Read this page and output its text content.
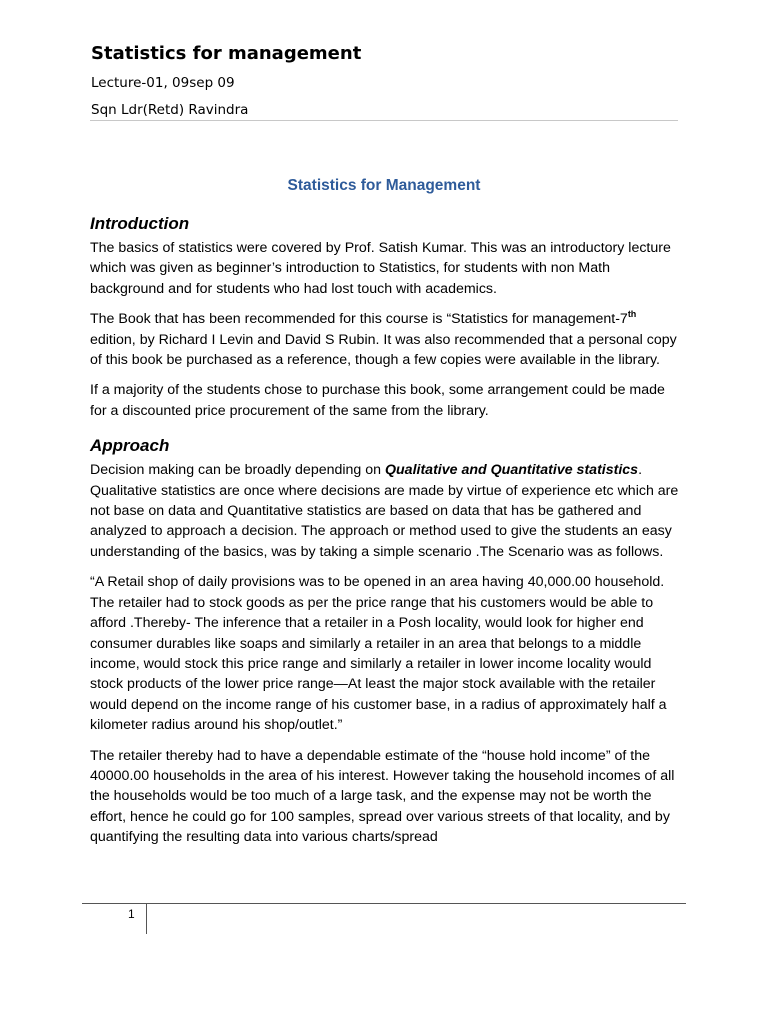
Statistics for management

Lecture-01, 09sep 09

Sqn Ldr(Retd) Ravindra

Statistics for Management
Introduction

The basics of statistics were covered by Prof. Satish Kumar. This was an introductory lecture which was given as beginner’s introduction to Statistics, for students with non Math background and for students who had lost touch with academics.

The Book that has been recommended for this course is “Statistics for management-7th edition, by Richard I Levin and David S Rubin. It was also recommended that a personal copy of this book be purchased as a reference, though a few copies were available in the library.

If a majority of the students chose to purchase this book, some arrangement could be made for a discounted price procurement of the same from the library.

Approach

Decision making can be broadly depending on Qualitative and Quantitative statistics. Qualitative statistics are once where decisions are made by virtue of experience etc which are not base on data and Quantitative statistics are based on data that has be gathered and analyzed to approach a decision. The approach or method used to give the students an easy understanding of the basics, was by taking a simple scenario .The Scenario was as follows.

“A Retail shop of daily provisions was to be opened in an area having 40,000.00 household. The retailer had to stock goods as per the price range that his customers would be able to afford .Thereby- The inference that a retailer in a Posh locality, would look for higher end consumer durables like soaps and similarly a retailer in an area that belongs to a middle income, would stock this price range and similarly a retailer in lower income locality would stock products of the lower price range—At least the major stock available with the retailer would depend on the income range of his customer base, in a radius of approximately half a kilometer radius around his shop/outlet.”

The retailer thereby had to have a dependable estimate of the “house hold income” of the 40000.00 households in the area of his interest. However taking the household incomes of all the households would be too much of a large task, and the expense may not be worth the effort, hence he could go for 100 samples, spread over various streets of that locality, and by quantifying the resulting data into various charts/spread

1
